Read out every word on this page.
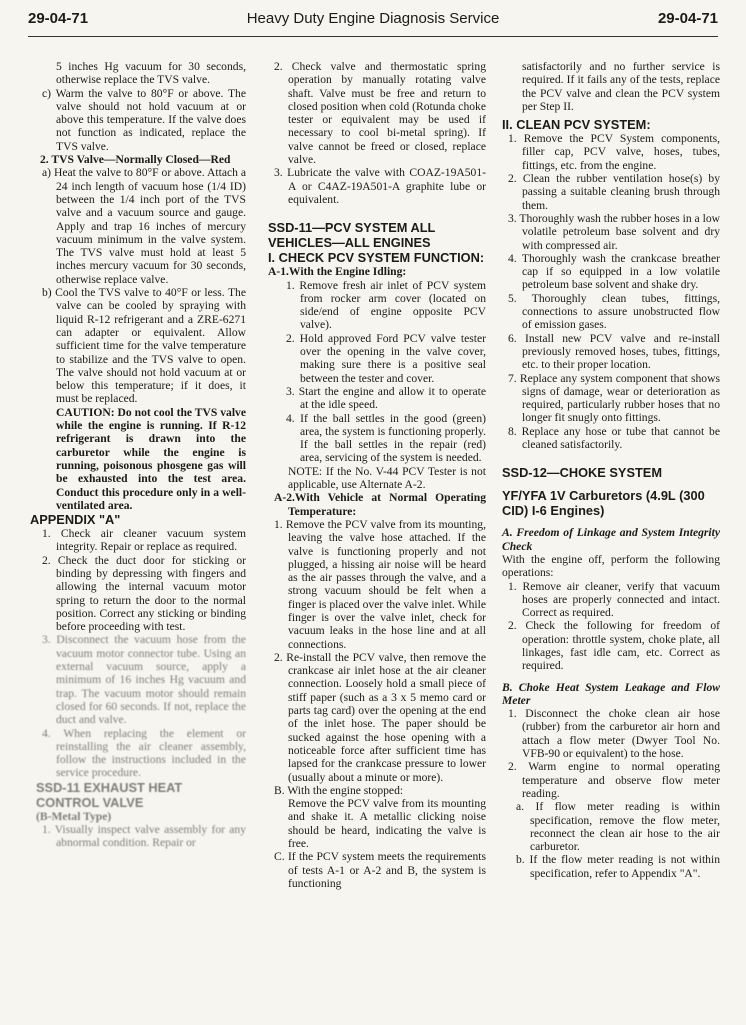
29-04-71	Heavy Duty Engine Diagnosis Service	29-04-71

5 inches Hg vacuum for 30 seconds, otherwise replace the TVS valve.

c) Warm the valve to 80°F or above. The valve should not hold vacuum at or above this temperature. If the valve does not function as indicated, replace the TVS valve.

2. TVS Valve—Normally Closed—Red

a) Heat the valve to 80°F or above. Attach a 24 inch length of vacuum hose (1/4 ID) between the 1/4 inch port of the TVS valve and a vacuum source and gauge. Apply and trap 16 inches of mercury vacuum minimum in the valve system. The TVS valve must hold at least 5 inches mercury vacuum for 30 seconds, otherwise replace valve.

b) Cool the TVS valve to 40°F or less. The valve can be cooled by spraying with liquid R-12 refrigerant and a ZRE-6271 can adapter or equivalent. Allow sufficient time for the valve temperature to stabilize and the TVS valve to open. The valve should not hold vacuum at or below this temperature; if it does, it must be replaced.

CAUTION: Do not cool the TVS valve while the engine is running. If R-12 refrigerant is drawn into the carburetor while the engine is running, poisonous phosgene gas will be exhausted into the test area. Conduct this procedure only in a well-ventilated area.

APPENDIX "A"

1. Check air cleaner vacuum system integrity. Repair or replace as required.

2. Check the duct door for sticking or binding by depressing with fingers and allowing the internal vacuum motor spring to return the door to the normal position. Correct any sticking or binding before proceeding with test.

3. Disconnect the vacuum hose from the vacuum motor connector tube. Using an external vacuum source, apply a minimum of 16 inches Hg vacuum and trap. The vacuum motor should remain closed for 60 seconds. If not, replace the duct and valve.

4. When replacing the element or reinstalling the air cleaner assembly, follow the instructions included in the service procedure.

SSD-11 EXHAUST HEAT CONTROL VALVE

(B-Metal Type)

1. Visually inspect valve assembly for any abnormal condition. Repair or

2. Check valve and thermostatic spring operation by manually rotating valve shaft. Valve must be free and return to closed position when cold (Rotunda choke tester or equivalent may be used if necessary to cool bi-metal spring). If valve cannot be freed or closed, replace valve.

3. Lubricate the valve with COAZ-19A501-A or C4AZ-19A501-A graphite lube or equivalent.

SSD-11—PCV SYSTEM ALL VEHICLES—ALL ENGINES

I. CHECK PCV SYSTEM FUNCTION:

A-1.With the Engine Idling:

1. Remove fresh air inlet of PCV system from rocker arm cover (located on side/end of engine opposite PCV valve).

2. Hold approved Ford PCV valve tester over the opening in the valve cover, making sure there is a positive seal between the tester and cover.

3. Start the engine and allow it to operate at the idle speed.

4. If the ball settles in the good (green) area, the system is functioning properly. If the ball settles in the repair (red) area, servicing of the system is needed.

NOTE: If the No. V-44 PCV Tester is not applicable, use Alternate A-2.

A-2.With Vehicle at Normal Operating Temperature:

1. Remove the PCV valve from its mounting, leaving the valve hose attached. If the valve is functioning properly and not plugged, a hissing air noise will be heard as the air passes through the valve, and a strong vacuum should be felt when a finger is placed over the valve inlet. While finger is over the valve inlet, check for vacuum leaks in the hose line and at all connections.

2. Re-install the PCV valve, then remove the crankcase air inlet hose at the air cleaner connection. Loosely hold a small piece of stiff paper (such as a 3 x 5 memo card or parts tag card) over the opening at the end of the inlet hose. The paper should be sucked against the hose opening with a noticeable force after sufficient time has lapsed for the crankcase pressure to lower (usually about a minute or more).

B. With the engine stopped:

Remove the PCV valve from its mounting and shake it. A metallic clicking noise should be heard, indicating the valve is free.

C. If the PCV system meets the requirements of tests A-1 or A-2 and B, the system is functioning

satisfactorily and no further service is required. If it fails any of the tests, replace the PCV valve and clean the PCV system per Step II.

II. CLEAN PCV SYSTEM:

1. Remove the PCV System components, filler cap, PCV valve, hoses, tubes, fittings, etc. from the engine.

2. Clean the rubber ventilation hose(s) by passing a suitable cleaning brush through them.

3. Thoroughly wash the rubber hoses in a low volatile petroleum base solvent and dry with compressed air.

4. Thoroughly wash the crankcase breather cap if so equipped in a low volatile petroleum base solvent and shake dry.

5. Thoroughly clean tubes, fittings, connections to assure unobstructed flow of emission gases.

6. Install new PCV valve and re-install previously removed hoses, tubes, fittings, etc. to their proper location.

7. Replace any system component that shows signs of damage, wear or deterioration as required, particularly rubber hoses that no longer fit snugly onto fittings.

8. Replace any hose or tube that cannot be cleaned satisfactorily.

SSD-12—CHOKE SYSTEM

YF/YFA 1V Carburetors (4.9L (300 CID) I-6 Engines)

A. Freedom of Linkage and System Integrity Check

With the engine off, perform the following operations:

1. Remove air cleaner, verify that vacuum hoses are properly connected and intact. Correct as required.

2. Check the following for freedom of operation: throttle system, choke plate, all linkages, fast idle cam, etc. Correct as required.

B. Choke Heat System Leakage and Flow Meter

1. Disconnect the choke clean air hose (rubber) from the carburetor air horn and attach a flow meter (Dwyer Tool No. VFB-90 or equivalent) to the hose.

2. Warm engine to normal operating temperature and observe flow meter reading.

a. If flow meter reading is within specification, remove the flow meter, reconnect the clean air hose to the air carburetor.

b. If the flow meter reading is not within specification, refer to Appendix "A".
